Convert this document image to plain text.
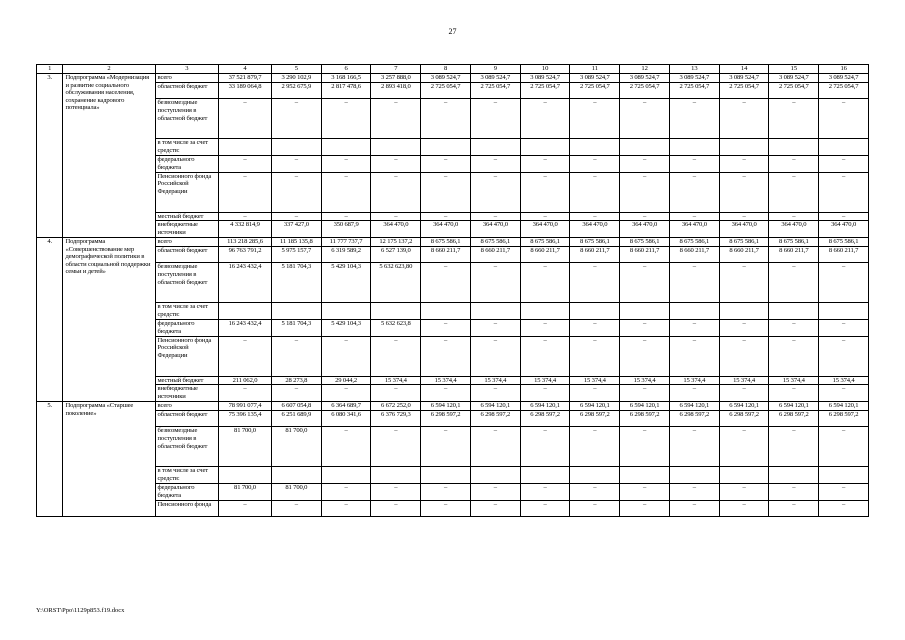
27
1	2	3	4	5	6	7	8	9	10	11	12	13	14	15	16
3.	Подпрограмма «Модернизация и развитие социального обслуживания населения, сохранение кадрового потенциала»	всего	37 521 879,7	3 290 102,9	3 168 166,5	3 257 888,0	3 089 524,7	3 089 524,7	3 089 524,7	3 089 524,7	3 089 524,7	3 089 524,7	3 089 524,7	3 089 524,7	3 089 524,7
		областной бюджет	33 189 064,8	2 952 675,9	2 817 478,6	2 893 418,0	2 725 054,7	2 725 054,7	2 725 054,7	2 725 054,7	2 725 054,7	2 725 054,7	2 725 054,7	2 725 054,7	2 725 054,7
		безвозмездные поступления в областной бюджет	–	–	–	–	–	–	–	–	–	–	–	–	–
		в том числе за счет средств:													
		федерального бюджета	–	–	–	–	–	–	–	–	–	–	–	–	–
		Пенсионного фонда Российской Федерации	–	–	–	–	–	–	–	–	–	–	–	–	–
		местный бюджет	–	–	–	–	–	–	–	–	–	–	–	–	–
		внебюджетные источники	4 332 814,9	337 427,0	350 687,9	364 470,0	364 470,0	364 470,0	364 470,0	364 470,0	364 470,0	364 470,0	364 470,0	364 470,0	364 470,0
4.	Подпрограмма «Совершенствование мер демографической политики в области социальной поддержки семьи и детей»	всего	113 218 285,6	11 185 135,8	11 777 737,7	12 175 137,2	8 675 586,1	8 675 586,1	8 675 586,1	8 675 586,1	8 675 586,1	8 675 586,1	8 675 586,1	8 675 586,1	8 675 586,1
		областной бюджет	96 763 791,2	5 975 157,7	6 319 589,2	6 527 139,0	8 660 211,7	8 660 211,7	8 660 211,7	8 660 211,7	8 660 211,7	8 660 211,7	8 660 211,7	8 660 211,7	8 660 211,7
		безвозмездные поступления в областной бюджет	16 243 432,4	5 181 704,3	5 429 104,3	5 632 623,80	–	–	–	–	–	–	–	–	–
		в том числе за счет средств:													
		федерального бюджета	16 243 432,4	5 181 704,3	5 429 104,3	5 632 623,8	–	–	–	–	–	–	–	–	–
		Пенсионного фонда Российской Федерации	–	–	–	–	–	–	–	–	–	–	–	–	–
		местный бюджет	211 062,0	28 273,8	29 044,2	15 374,4	15 374,4	15 374,4	15 374,4	15 374,4	15 374,4	15 374,4	15 374,4	15 374,4	15 374,4
		внебюджетные источники	–	–	–	–	–	–	–	–	–	–	–	–	–
5.	Подпрограмма «Старшее поколение»	всего	78 991 077,4	6 607 054,8	6 364 689,7	6 672 252,0	6 594 120,1	6 594 120,1	6 594 120,1	6 594 120,1	6 594 120,1	6 594 120,1	6 594 120,1	6 594 120,1	6 594 120,1
		областной бюджет	75 396 135,4	6 251 689,9	6 080 341,6	6 376 729,3	6 298 597,2	6 298 597,2	6 298 597,2	6 298 597,2	6 298 597,2	6 298 597,2	6 298 597,2	6 298 597,2	6 298 597,2
		безвозмездные поступления в областной бюджет	81 700,0	81 700,0	–	–	–	–	–	–	–	–	–	–	–
		в том числе за счет средств:													
		федерального бюджета	81 700,0	81 700,0	–	–	–	–	–	–	–	–	–	–	–
		Пенсионного фонда	–	–	–	–	–	–	–	–	–	–	–	–	–
Y:\ORST\Ppo\1129p853.f19.docx
